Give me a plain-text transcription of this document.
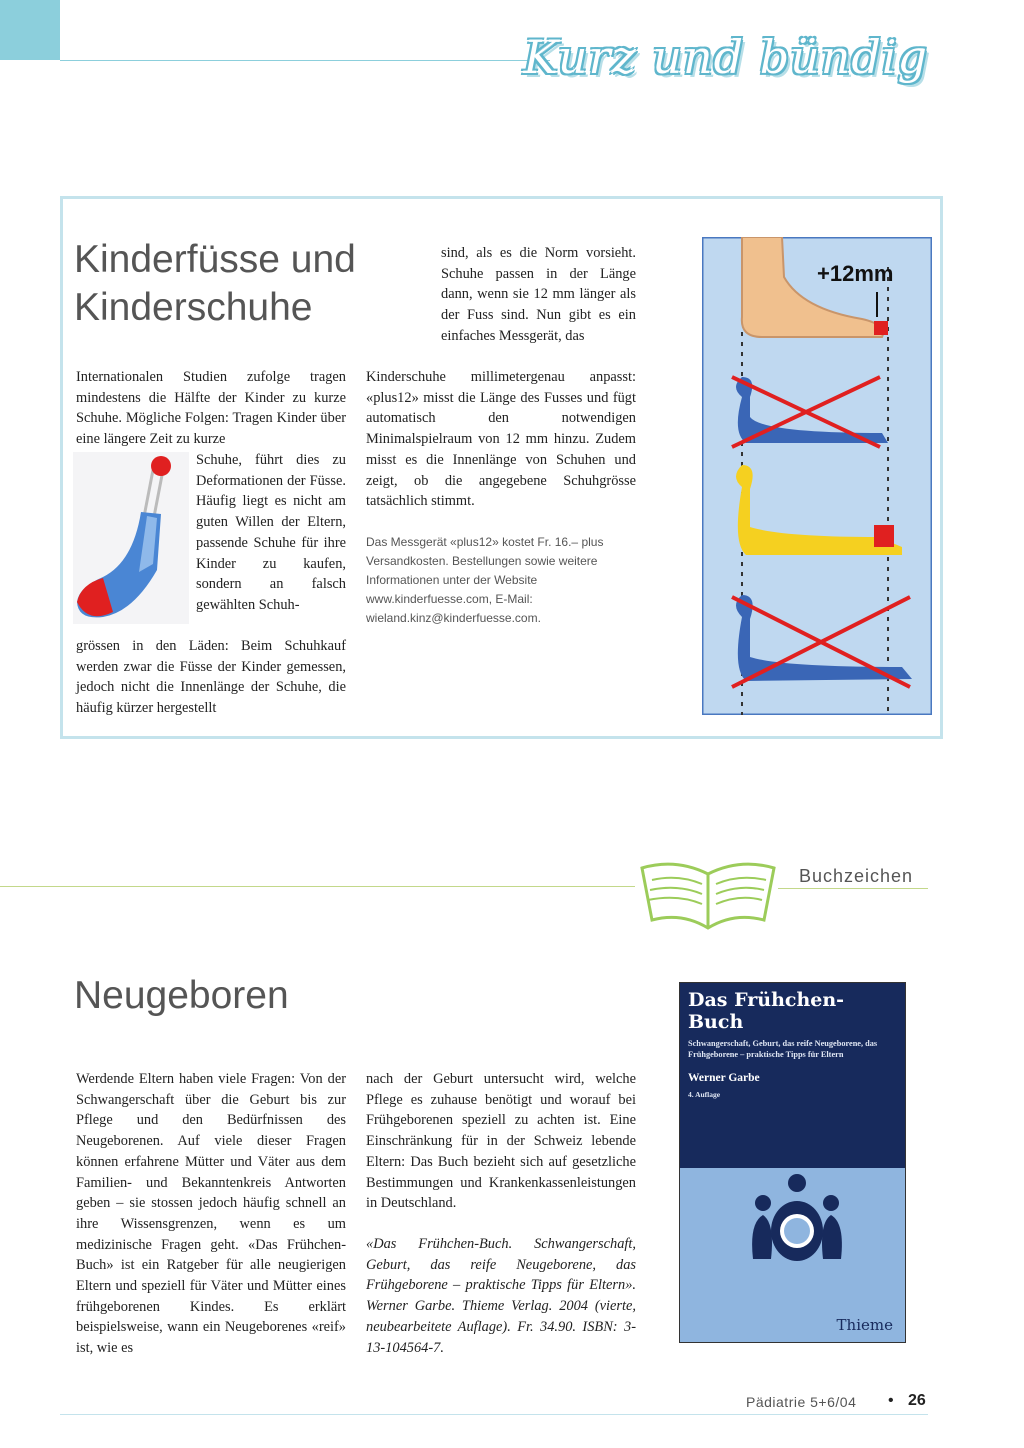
Kurz und bündig
Kinderfüsse und Kinderschuhe

Internationalen Studien zufolge tragen mindestens die Hälfte der Kinder zu kurze Schuhe. Mögliche Folgen: Tragen Kinder über eine längere Zeit zu kurze

Schuhe, führt dies zu Deformationen der Füsse. Häufig liegt es nicht am guten Willen der Eltern, passende Schuhe für ihre Kinder zu kaufen, sondern an falsch gewählten Schuh-

grössen in den Läden: Beim Schuhkauf werden zwar die Füsse der Kinder gemessen, jedoch nicht die Innenlänge der Schuhe, die häufig kürzer hergestellt

sind, als es die Norm vorsieht. Schuhe passen in der Länge dann, wenn sie 12 mm länger als der Fuss sind. Nun gibt es ein einfaches Messgerät, das

Kinderschuhe millimetergenau anpasst: «plus12» misst die Länge des Fusses und fügt automatisch den notwendigen Minimalspielraum von 12 mm hinzu. Zudem misst es die Innenlänge von Schuhen und zeigt, ob die angegebene Schuhgrösse tatsächlich stimmt.

Das Messgerät «plus12» kostet Fr. 16.– plus Versandkosten. Bestellungen sowie weitere Informationen unter der Website www.kinderfuesse.com, E-Mail: wieland.kinz@kinderfuesse.com.

+12mm
Buchzeichen
Neugeboren

Werdende Eltern haben viele Fragen: Von der Schwangerschaft über die Geburt bis zur Pflege und den Bedürfnissen des Neugeborenen. Auf viele dieser Fragen können erfahrene Mütter und Väter aus dem Familien- und Bekanntenkreis Antworten geben – sie stossen jedoch häufig schnell an ihre Wissensgrenzen, wenn es um medizinische Fragen geht. «Das Frühchen-Buch» ist ein Ratgeber für alle neugierigen Eltern und speziell für Väter und Mütter eines frühgeborenen Kindes. Es erklärt beispielsweise, wann ein Neugeborenes «reif» ist, wie es

nach der Geburt untersucht wird, welche Pflege es zuhause benötigt und worauf bei Frühgeborenen speziell zu achten ist. Eine Einschränkung für in der Schweiz lebende Eltern: Das Buch bezieht sich auf gesetzliche Bestimmungen und Krankenkassenleistungen in Deutschland.

«Das Frühchen-Buch. Schwangerschaft, Geburt, das reife Neugeborene, das Frühgeborene – praktische Tipps für Eltern». Werner Garbe. Thieme Verlag. 2004 (vierte, neubearbeitete Auflage). Fr. 34.90. ISBN: 3-13-104564-7.

Das Frühchen-Buch
Schwangerschaft, Geburt, das reife Neugeborene, das Frühgeborene – praktische Tipps für Eltern
Werner Garbe
4. Auflage
Thieme
Pädiatrie 5+6/04 • 26
